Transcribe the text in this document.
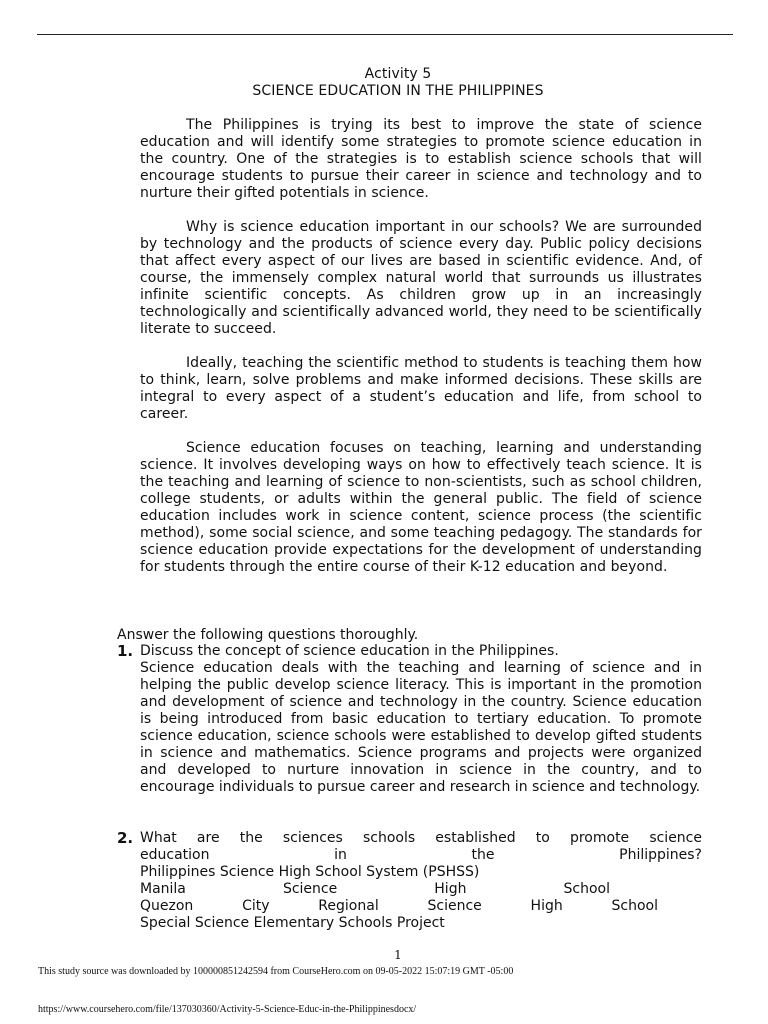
Activity 5
SCIENCE EDUCATION IN THE PHILIPPINES
The Philippines is trying its best to improve the state of science education and will identify some strategies to promote science education in the country. One of the strategies is to establish science schools that will encourage students to pursue their career in science and technology and to nurture their gifted potentials in science.
Why is science education important in our schools? We are surrounded by technology and the products of science every day. Public policy decisions that affect every aspect of our lives are based in scientific evidence. And, of course, the immensely complex natural world that surrounds us illustrates infinite scientific concepts. As children grow up in an increasingly technologically and scientifically advanced world, they need to be scientifically literate to succeed.
Ideally, teaching the scientific method to students is teaching them how to think, learn, solve problems and make informed decisions. These skills are integral to every aspect of a student’s education and life, from school to career.
Science education focuses on teaching, learning and understanding science. It involves developing ways on how to effectively teach science. It is the teaching and learning of science to non-scientists, such as school children, college students, or adults within the general public. The field of science education includes work in science content, science process (the scientific method), some social science, and some teaching pedagogy. The standards for science education provide expectations for the development of understanding for students through the entire course of their K-12 education and beyond.
Answer the following questions thoroughly.
1. Discuss the concept of science education in the Philippines.
Science education deals with the teaching and learning of science and in helping the public develop science literacy. This is important in the promotion and development of science and technology in the country. Science education is being introduced from basic education to tertiary education. To promote science education, science schools were established to develop gifted students in science and mathematics. Science programs and projects were organized and developed to nurture innovation in science in the country, and to encourage individuals to pursue career and research in science and technology.
2. What are the sciences schools established to promote science
education in the Philippines?
Philippines Science High School System (PSHSS)
Manila Science High School
Quezon City Regional Science High School
Special Science Elementary Schools Project
1
This study source was downloaded by 100000851242594 from CourseHero.com on 09-05-2022 15:07:19 GMT -05:00
https://www.coursehero.com/file/137030360/Activity-5-Science-Educ-in-the-Philippinesdocx/
